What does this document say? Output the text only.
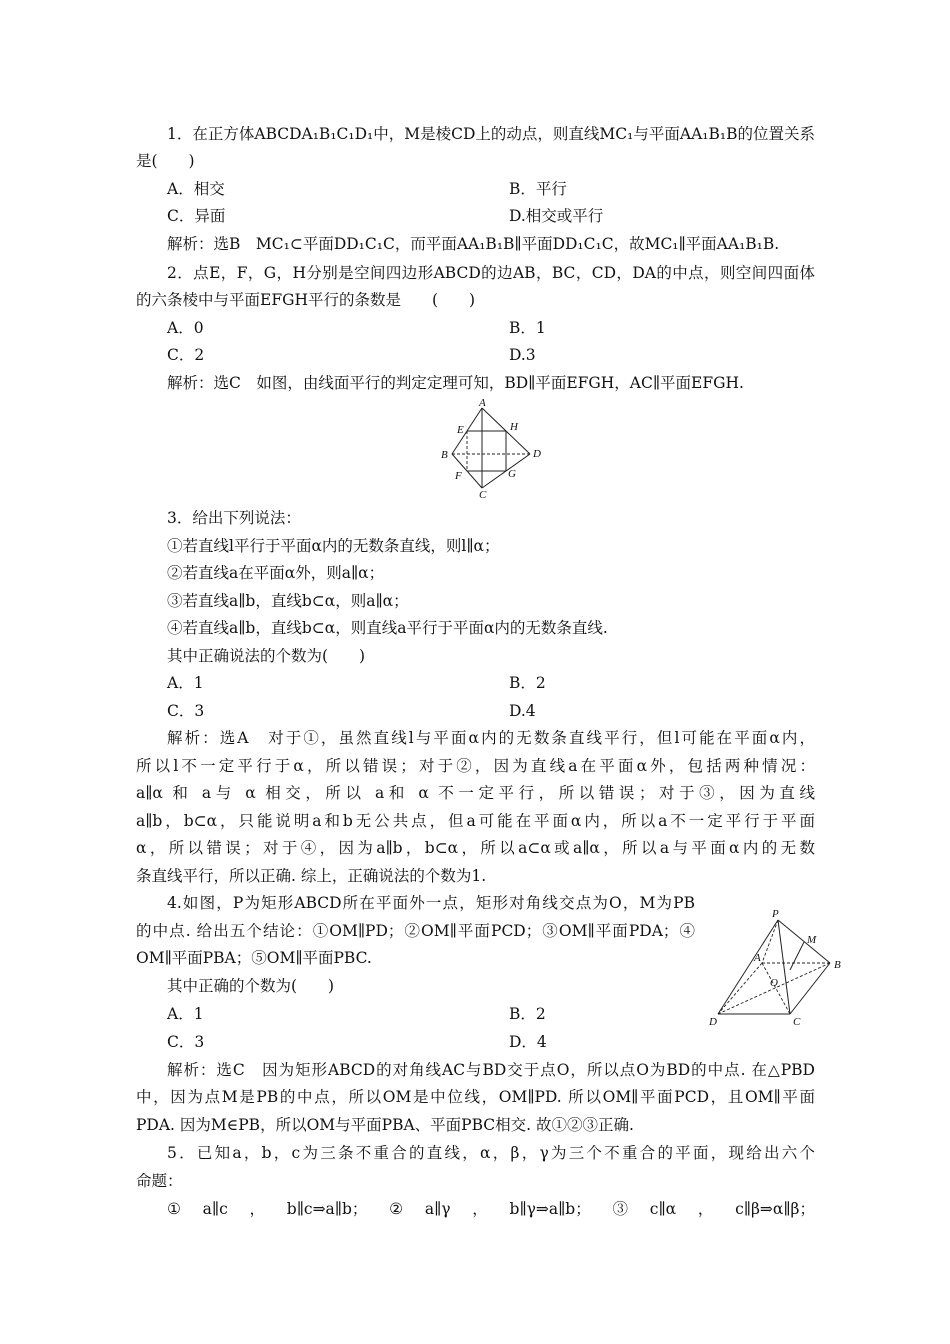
1．在正方体ABCDA₁B₁C₁D₁中，M是棱CD上的动点，则直线MC₁与平面AA₁B₁B的位置关系
是(　　)
A．相交	B．平行
C．异面	D.相交或平行
解析：选B　MC₁⊂平面DD₁C₁C，而平面AA₁B₁B∥平面DD₁C₁C，故MC₁∥平面AA₁B₁B.
2．点E，F，G，H分别是空间四边形ABCD的边AB，BC，CD，DA的中点，则空间四面体
的六条棱中与平面EFGH平行的条数是　　(　　)
A．0	B．1
C．2	D.3
解析：选C　如图，由线面平行的判定定理可知，BD∥平面EFGH，AC∥平面EFGH.
A
E	H
B	D
F	G
C
3．给出下列说法：
①若直线l平行于平面α内的无数条直线，则l∥α；
②若直线a在平面α外，则a∥α；
③若直线a∥b，直线b⊂α，则a∥α；
④若直线a∥b，直线b⊂α，则直线a平行于平面α内的无数条直线.
其中正确说法的个数为(　　)
A．1	B．2
C．3	D.4
解析：选A　对于①，虽然直线l与平面α内的无数条直线平行，但l可能在平面α内，
所以l不一定平行于α，所以错误；对于②，因为直线a在平面α外，包括两种情况：
a∥α 和 a与 α 相交，所以 a和 α 不一定平行，所以错误；对于③，因为直线
a∥b，b⊂α，只能说明a和b无公共点，但a可能在平面α内，所以a不一定平行于平面
α，所以错误；对于④，因为a∥b，b⊂α，所以a⊂α或a∥α，所以a与平面α内的无数
条直线平行，所以正确. 综上，正确说法的个数为1.
4.如图，P为矩形ABCD所在平面外一点，矩形对角线交点为O，M为PB
的中点. 给出五个结论：①OM∥PD；②OM∥平面PCD；③OM∥平面PDA；④
OM∥平面PBA；⑤OM∥平面PBC.
其中正确的个数为(　　)
A．1	B．2
C．3	D．4
解析：选C　因为矩形ABCD的对角线AC与BD交于点O，所以点O为BD的中点. 在△PBD
中，因为点M是PB的中点，所以OM是中位线，OM∥PD. 所以OM∥平面PCD，且OM∥平面
PDA. 因为M∈PB，所以OM与平面PBA、平面PBC相交. 故①②③正确.
P
M
A
B
O
D	C
5．已知a，b，c为三条不重合的直线，α，β，γ为三个不重合的平面，现给出六个
命题：
①a∥c，b∥c⇒a∥b；②a∥γ，b∥γ⇒a∥b；③c∥α，c∥β⇒α∥β；
